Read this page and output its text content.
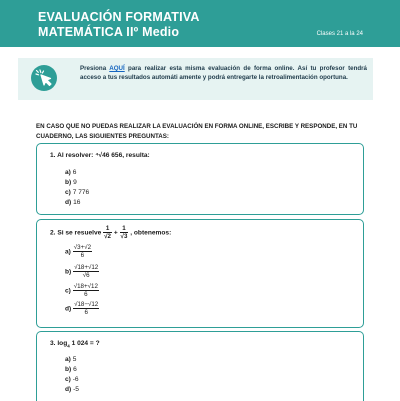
EVALUACIÓN FORMATIVA
MATEMÁTICA IIº Medio	Clases 21 a la 24
Presiona AQUÍ para realizar esta misma evaluación de forma online. Así tu profesor tendrá acceso a tus resultados automáti amente y podrá entregarte la retroalimentación oportuna.
EN CASO QUE NO PUEDAS REALIZAR LA EVALUACIÓN EN FORMA ONLINE, ESCRIBE Y RESPONDE, EN TU CUADERNO, LAS SIGUIENTES PREGUNTAS:
1. Al resolver: ⁴√46 656, resulta:
a) 6
b) 9
c) 7 776
d) 16
2. Si se resuelve $\frac{1}{√2} + \frac{1}{√3}$ , obtenemos:
$a) \frac{√3+√2}{6}$
$b) \frac{√18+√12}{√6}$
$c) \frac{√18+√12}{6}$
$d) \frac{√18-√12}{6}$
3. $\log_4 1$ 024 = ?
a) 5
b) 6
c) -6
d) -5
